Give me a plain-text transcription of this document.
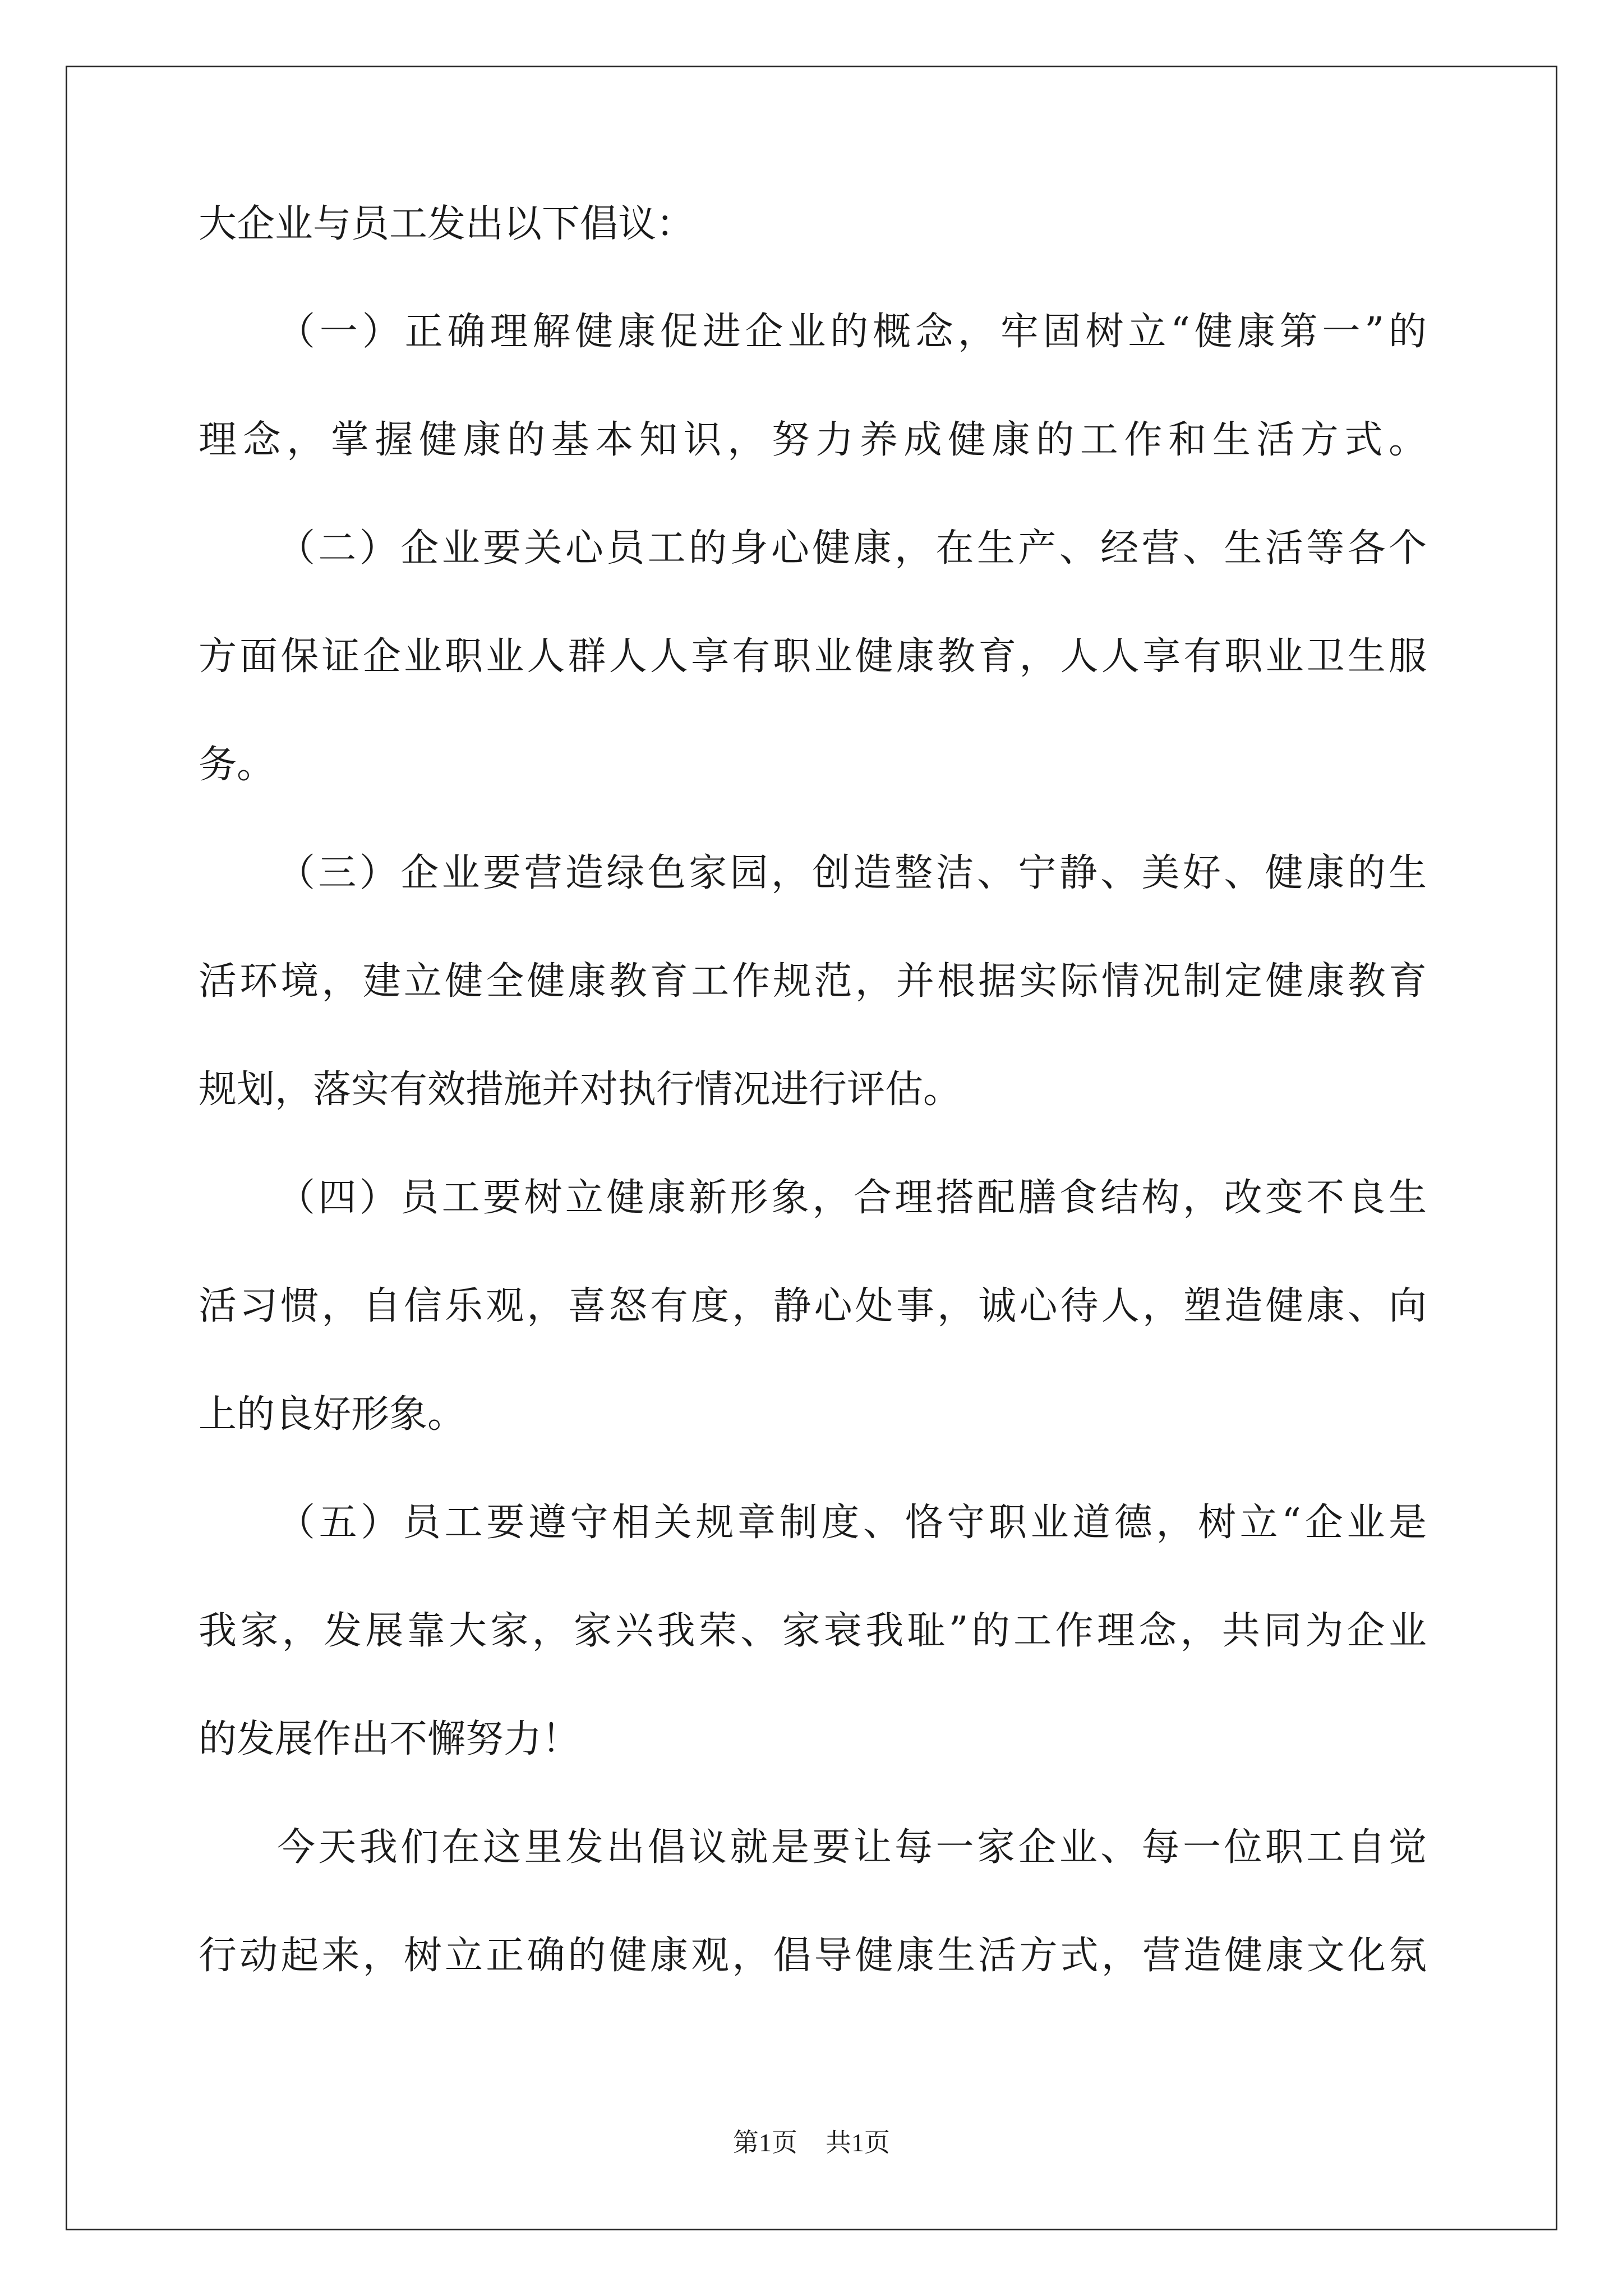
大企业与员工发出以下倡议：
（一）正确理解健康促进企业的概念，牢固树立“健康第一”的
理念，掌握健康的基本知识，努力养成健康的工作和生活方式。
（二）企业要关心员工的身心健康，在生产、经营、生活等各个
方面保证企业职业人群人人享有职业健康教育，人人享有职业卫生服
务。
（三）企业要营造绿色家园，创造整洁、宁静、美好、健康的生
活环境，建立健全健康教育工作规范，并根据实际情况制定健康教育
规划，落实有效措施并对执行情况进行评估。
（四）员工要树立健康新形象，合理搭配膳食结构，改变不良生
活习惯，自信乐观，喜怒有度，静心处事，诚心待人，塑造健康、向
上的良好形象。
（五）员工要遵守相关规章制度、恪守职业道德，树立“企业是
我家，发展靠大家，家兴我荣、家衰我耻”的工作理念，共同为企业
的发展作出不懈努力！
今天我们在这里发出倡议就是要让每一家企业、每一位职工自觉
行动起来，树立正确的健康观，倡导健康生活方式，营造健康文化氛
第1页 共1页
